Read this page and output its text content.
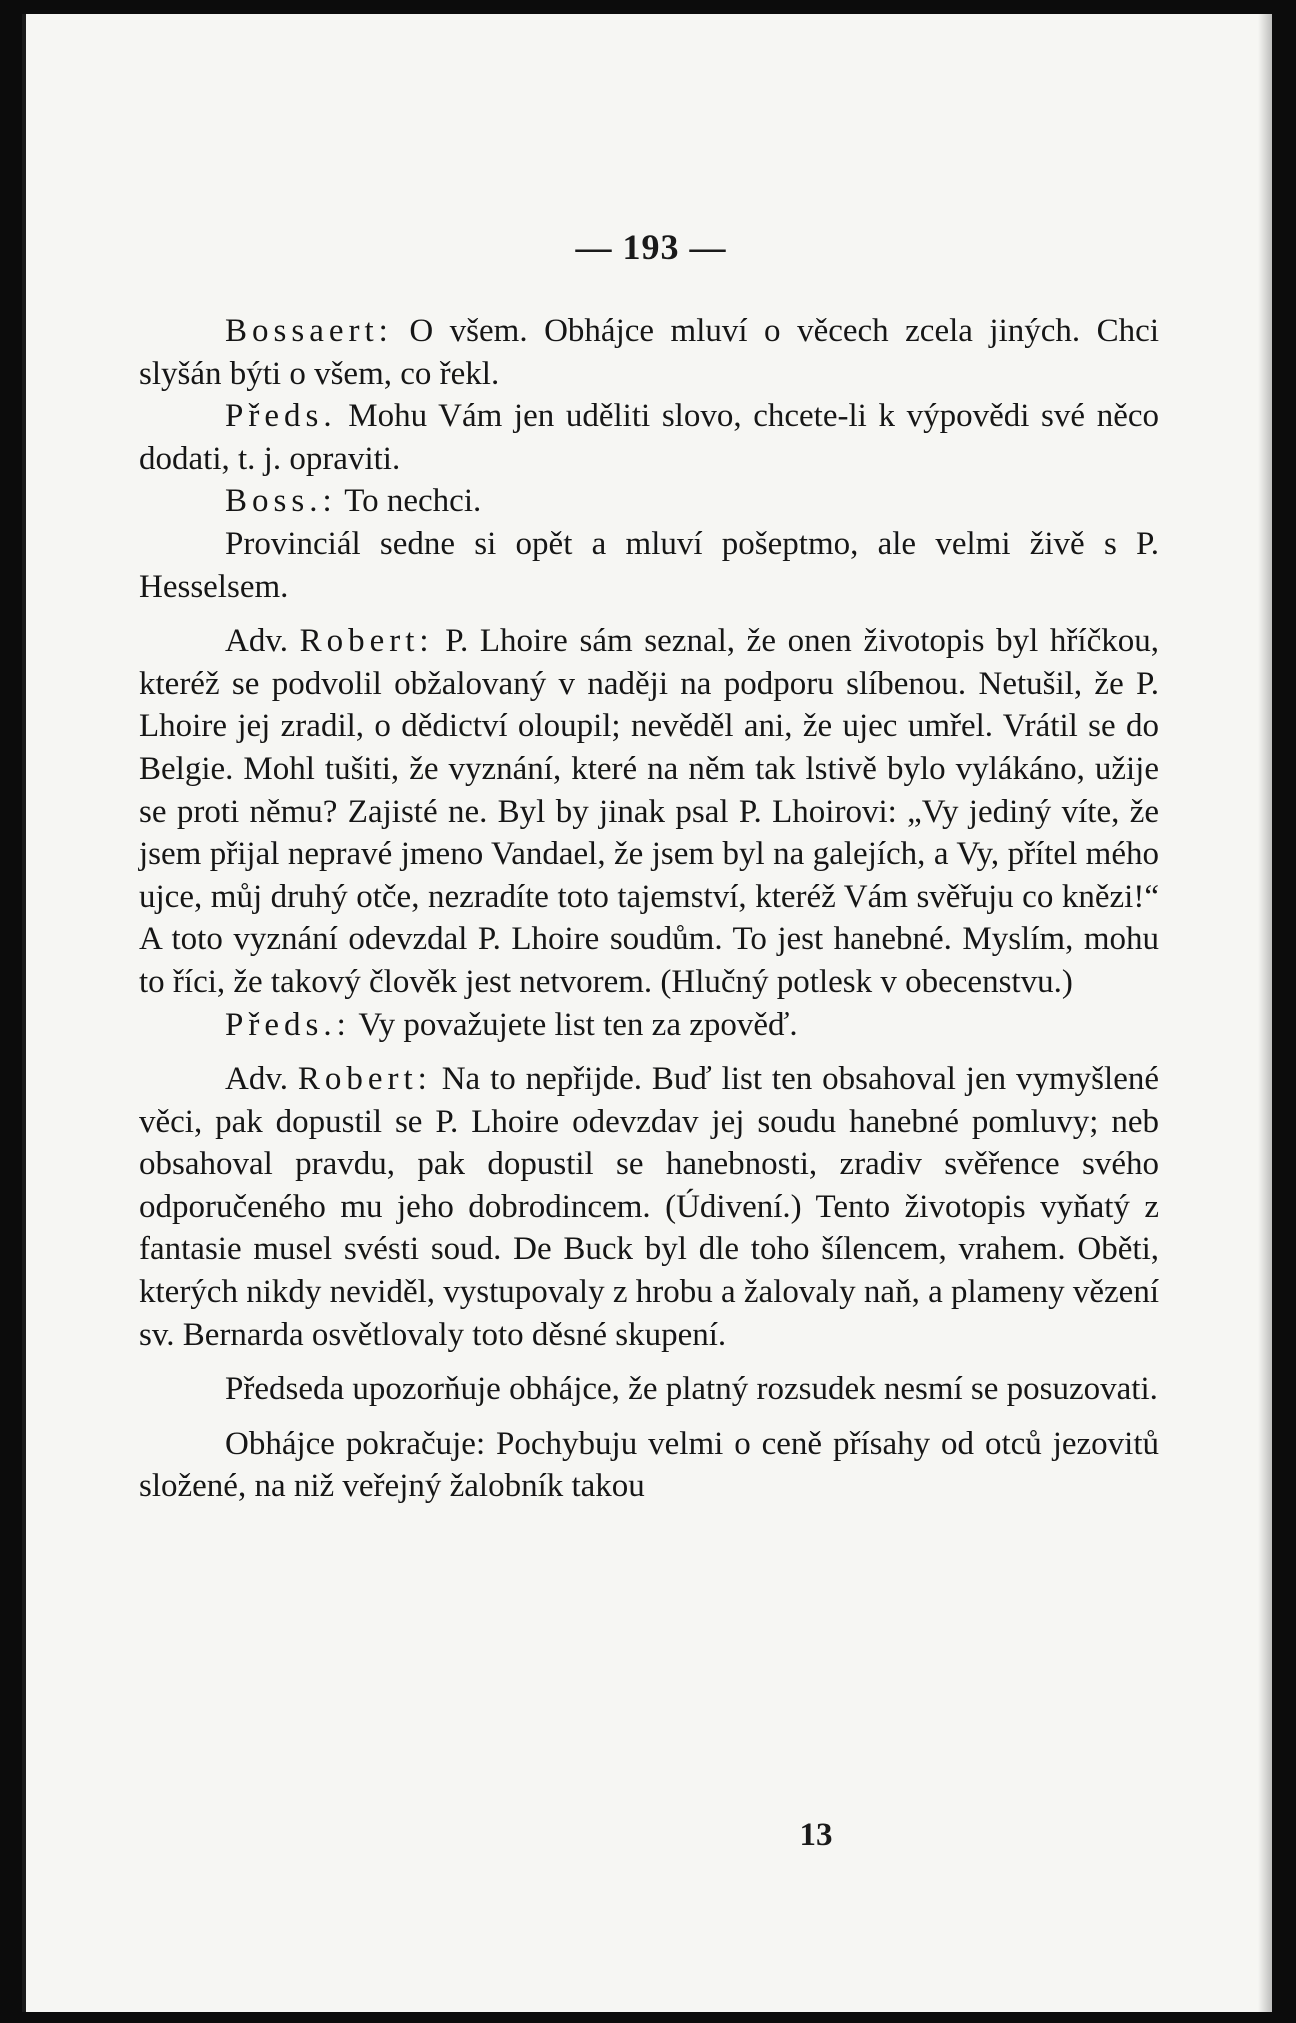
— 193 —

Bossaert: O všem. Obhájce mluví o věcech zcela jiných. Chci slyšán býti o všem, co řekl.

Předs. Mohu Vám jen uděliti slovo, chcete-li k výpovědi své něco dodati, t. j. opraviti.

Boss.: To nechci.

Provinciál sedne si opět a mluví pošeptmo, ale velmi živě s P. Hesselsem.

Adv. Robert: P. Lhoire sám seznal, že onen životopis byl hříčkou, kteréž se podvolil obžalovaný v naději na podporu slíbenou. Netušil, že P. Lhoire jej zradil, o dědictví oloupil; nevěděl ani, že ujec umřel. Vrátil se do Belgie. Mohl tušiti, že vyznání, které na něm tak lstivě bylo vylákáno, užije se proti němu? Zajisté ne. Byl by jinak psal P. Lhoirovi: „Vy jediný víte, že jsem přijal nepravé jmeno Vandael, že jsem byl na galejích, a Vy, přítel mého ujce, můj druhý otče, nezradíte toto tajemství, kteréž Vám svěřuju co knězi!“ A toto vyznání odevzdal P. Lhoire soudům. To jest hanebné. Myslím, mohu to říci, že takový člověk jest netvorem. (Hlučný potlesk v obecenstvu.)

Předs.: Vy považujete list ten za zpověď.

Adv. Robert: Na to nepřijde. Buď list ten obsahoval jen vymyšlené věci, pak dopustil se P. Lhoire odevzdav jej soudu hanebné pomluvy; neb obsahoval pravdu, pak dopustil se hanebnosti, zradiv svěřence svého odporučeného mu jeho dobrodincem. (Údivení.) Tento životopis vyňatý z fantasie musel svésti soud. De Buck byl dle toho šílencem, vrahem. Oběti, kterých nikdy neviděl, vystupovaly z hrobu a žalovaly naň, a plameny vězení sv. Bernarda osvětlovaly toto děsné skupení.

Předseda upozorňuje obhájce, že platný rozsudek nesmí se posuzovati.

Obhájce pokračuje: Pochybuju velmi o ceně přísahy od otců jezovitů složené, na niž veřejný žalobník takou

13
